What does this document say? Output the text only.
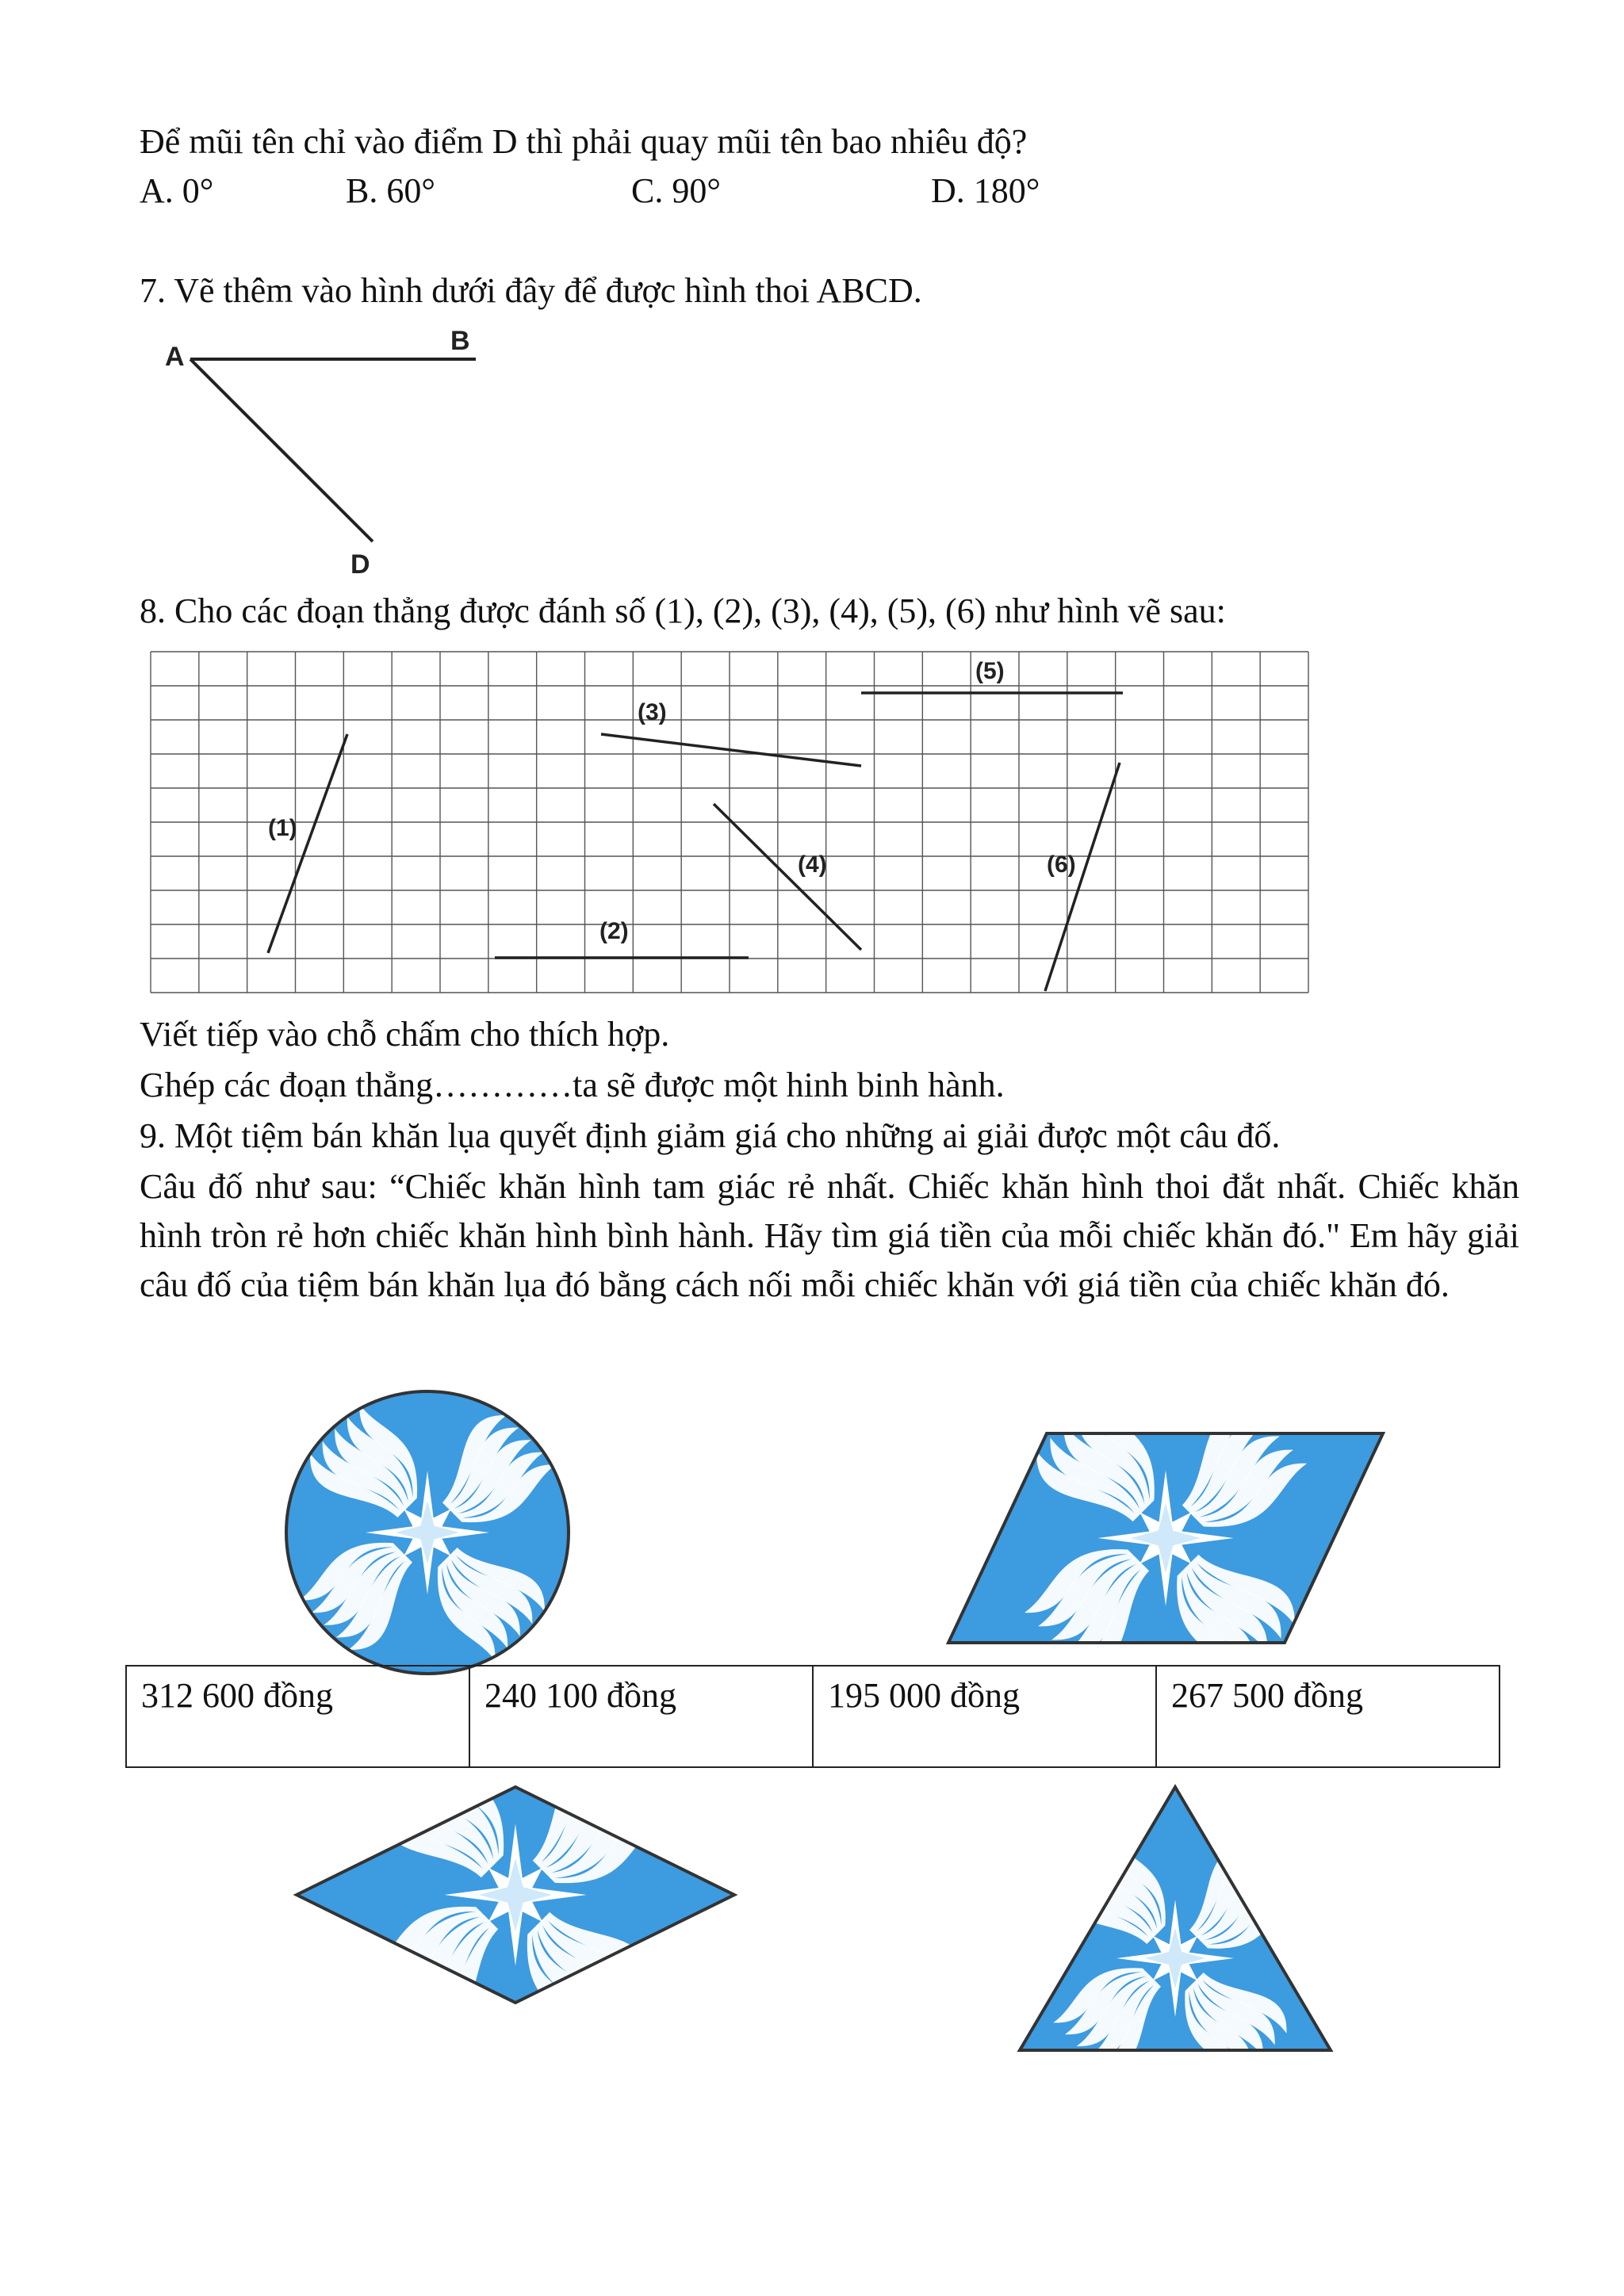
Để mũi tên chỉ vào điểm D thì phải quay mũi tên bao nhiêu độ?
A. 0°	B. 60°	C. 90°	D. 180°
7. Vẽ thêm vào hình dưới đây để được hình thoi ABCD.
A
B
D
8. Cho các đoạn thẳng được đánh số (1), (2), (3), (4), (5), (6) như hình vẽ sau:
(1)
(2)
(3)
(4)
(5)
(6)
Viết tiếp vào chỗ chấm cho thích hợp.
Ghép các đoạn thẳng…………ta sẽ được một hinh binh hành.
9. Một tiệm bán khăn lụa quyết định giảm giá cho những ai giải được một câu đố.
Câu đố như sau: “Chiếc khăn hình tam giác rẻ nhất. Chiếc khăn hình thoi đắt nhất. Chiếc khăn hình tròn rẻ hơn chiếc khăn hình bình hành. Hãy tìm giá tiền của mỗi chiếc khăn đó." Em hãy giải câu đố của tiệm bán khăn lụa đó bằng cách nối mỗi chiếc khăn với giá tiền của chiếc khăn đó.
312 600 đồng	240 100 đồng	195 000 đồng	267 500 đồng
